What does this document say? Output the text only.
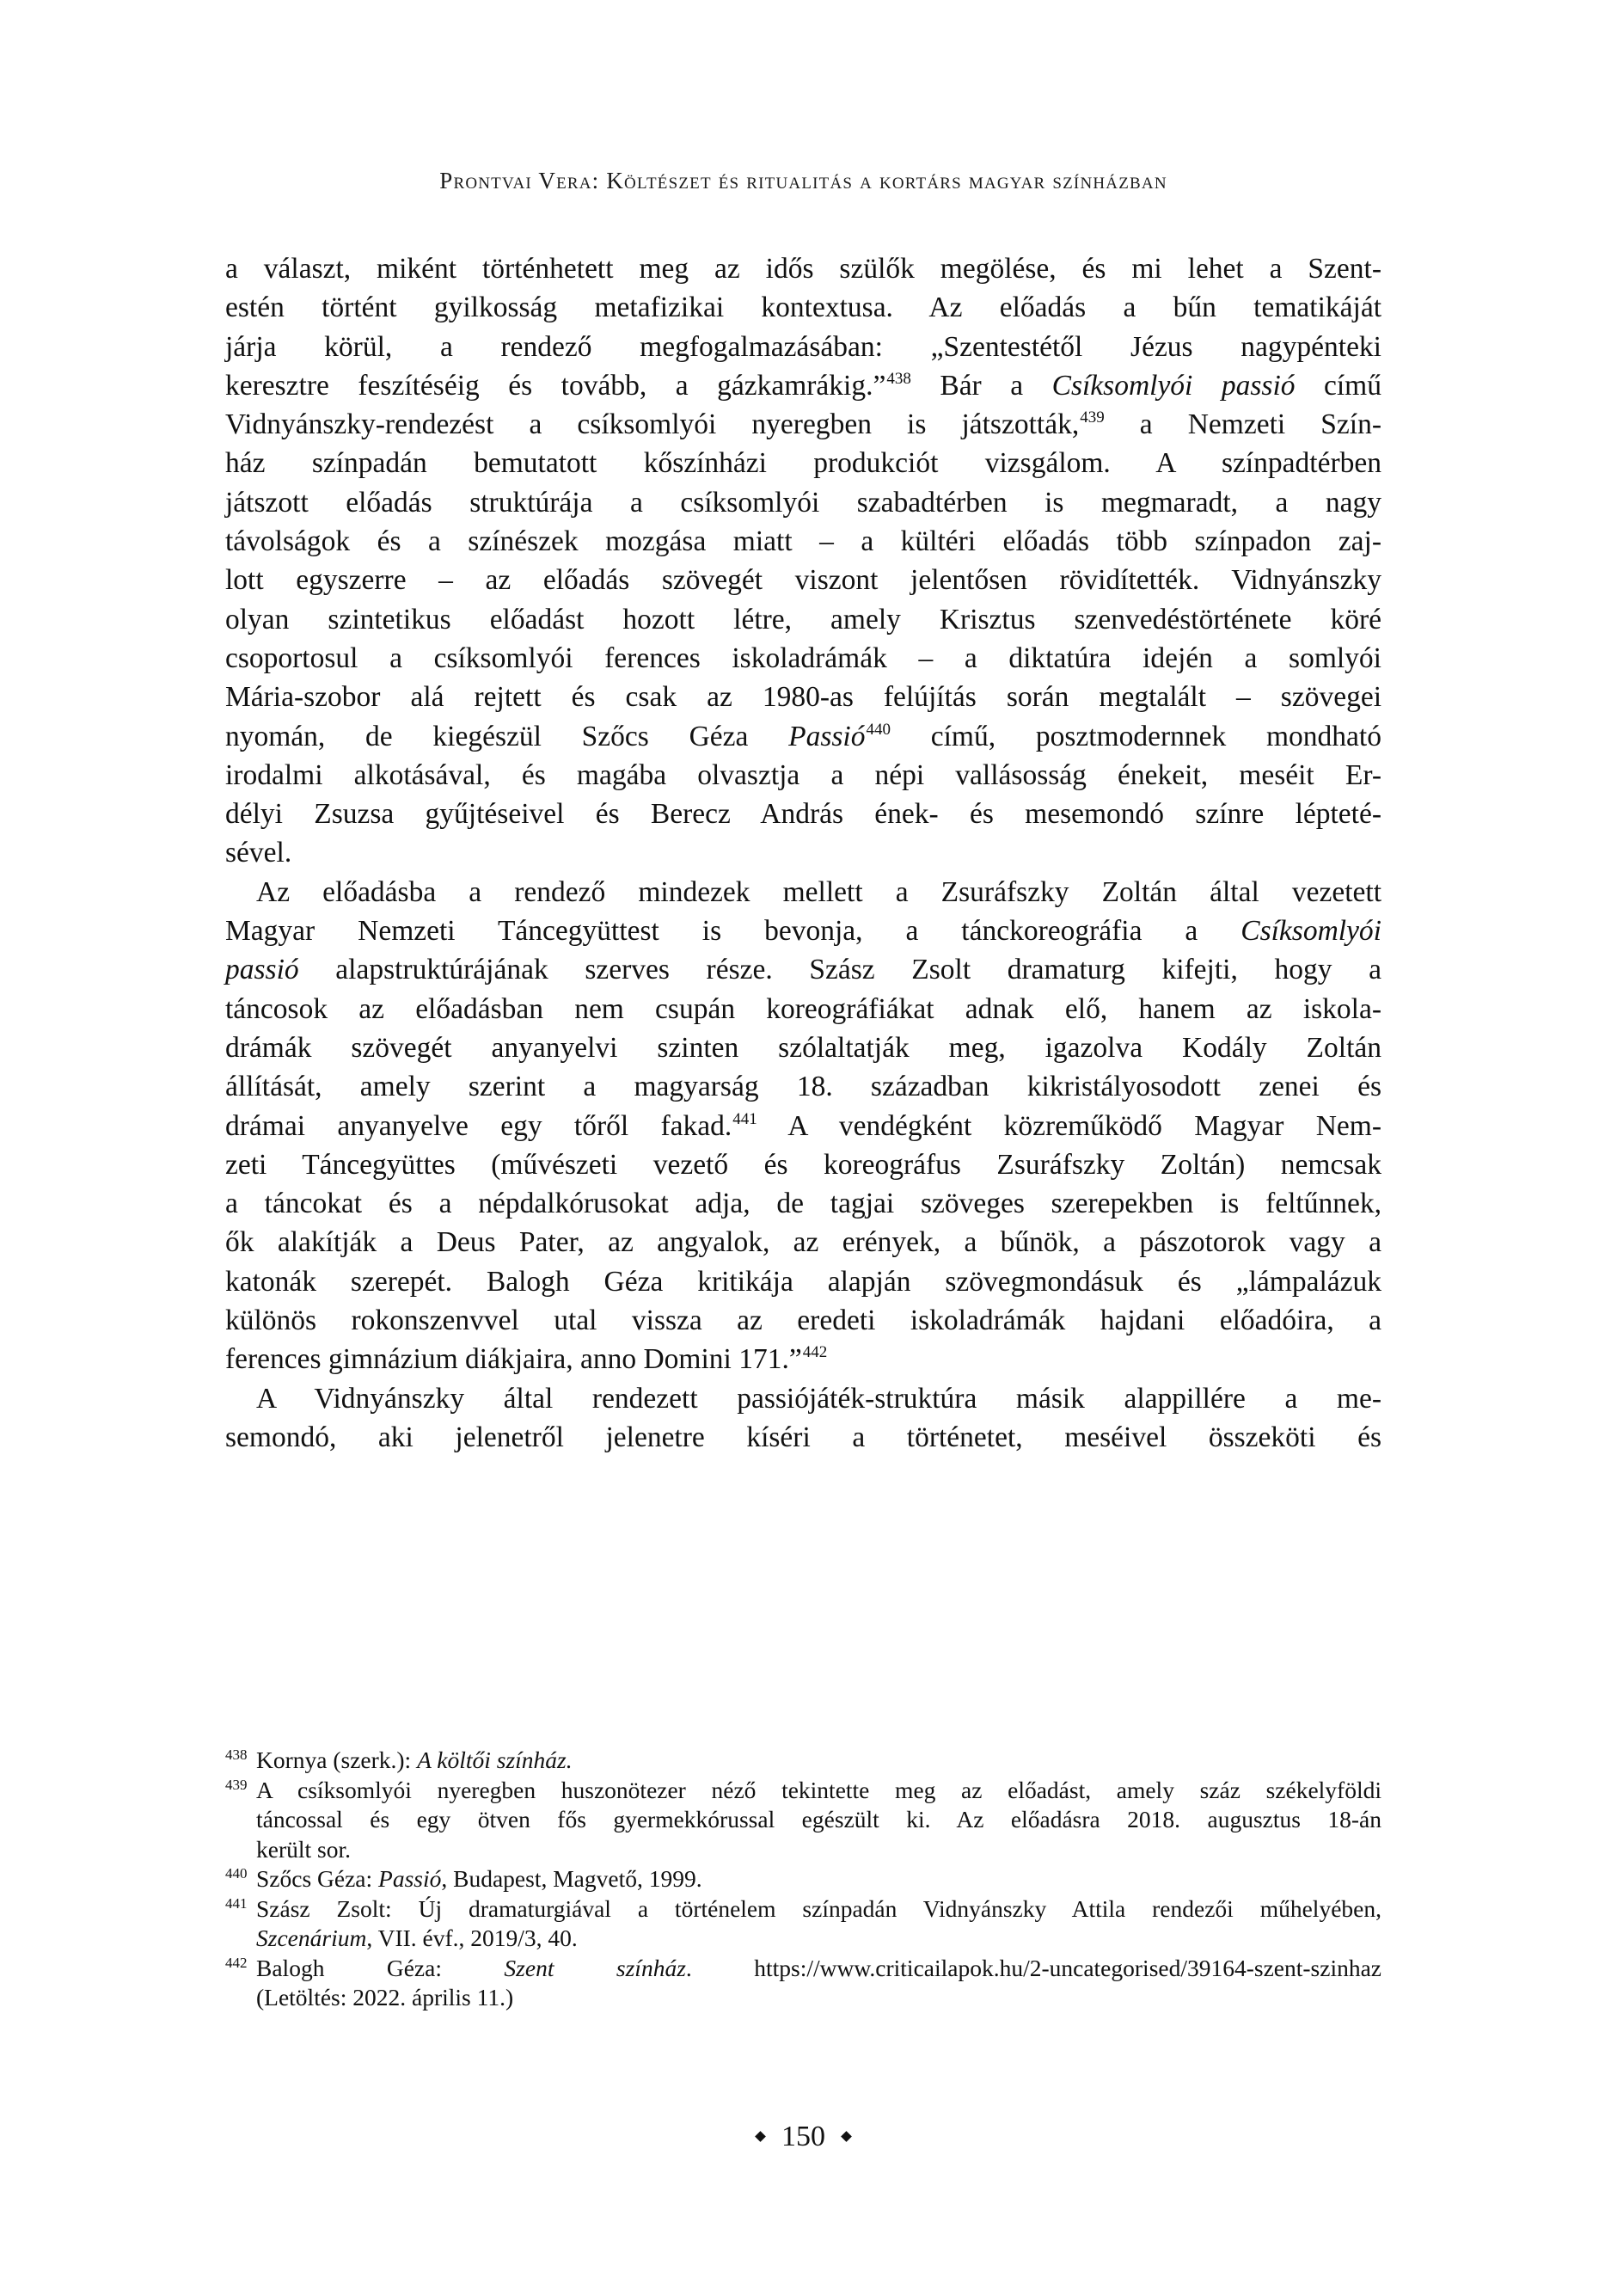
Prontvai Vera: Költészet és ritualitás a kortárs magyar színházban

a választ, miként történhetett meg az idős szülők megölése, és mi lehet a Szent-
estén történt gyilkosság metafizikai kontextusa. Az előadás a bűn tematikáját
járja körül, a rendező megfogalmazásában: „Szentestétől Jézus nagypénteki
keresztre feszítéséig és tovább, a gázkamrákig.”$^{438}$ Bár a Csíksomlyói passió című
Vidnyánszky-rendezést a csíksomlyói nyeregben is játszották,$^{439}$ a Nemzeti Szín-
ház színpadán bemutatott kőszínházi produkciót vizsgálom. A színpadtérben
játszott előadás struktúrája a csíksomlyói szabadtérben is megmaradt, a nagy
távolságok és a színészek mozgása miatt – a kültéri előadás több színpadon zaj-
lott egyszerre – az előadás szövegét viszont jelentősen rövidítették. Vidnyánszky
olyan szintetikus előadást hozott létre, amely Krisztus szenvedéstörténete köré
csoportosul a csíksomlyói ferences iskoladrámák – a diktatúra idején a somlyói
Mária-szobor alá rejtett és csak az 1980-as felújítás során megtalált – szövegei
nyomán, de kiegészül Szőcs Géza Passió$^{440}$ című, posztmodernnek mondható
irodalmi alkotásával, és magába olvasztja a népi vallásosság énekeit, meséit Er-
délyi Zsuzsa gyűjtéseivel és Berecz András ének- és mesemondó színre lépteté-
sével.

Az előadásba a rendező mindezek mellett a Zsuráfszky Zoltán által vezetett
Magyar Nemzeti Táncegyüttest is bevonja, a tánckoreográfia a Csíksomlyói
passió alapstruktúrájának szerves része. Szász Zsolt dramaturg kifejti, hogy a
táncosok az előadásban nem csupán koreográfiákat adnak elő, hanem az iskola-
drámák szövegét anyanyelvi szinten szólaltatják meg, igazolva Kodály Zoltán
állítását, amely szerint a magyarság 18. században kikristályosodott zenei és
drámai anyanyelve egy tőről fakad.$^{441}$ A vendégként közreműködő Magyar Nem-
zeti Táncegyüttes (művészeti vezető és koreográfus Zsuráfszky Zoltán) nemcsak
a táncokat és a népdalkórusokat adja, de tagjai szöveges szerepekben is feltűnnek,
ők alakítják a Deus Pater, az angyalok, az erények, a bűnök, a pászotorok vagy a
katonák szerepét. Balogh Géza kritikája alapján szövegmondásuk és „lámpalázuk
különös rokonszenvvel utal vissza az eredeti iskoladrámák hajdani előadóira, a
ferences gimnázium diákjaira, anno Domini 171.”$^{442}$

A Vidnyánszky által rendezett passiójáték-struktúra másik alappillére a me-
semondó, aki jelenetről jelenetre kíséri a történetet, meséivel összeköti és

438 Kornya (szerk.): A költői színház.
439 A csíksomlyói nyeregben huszonötezer néző tekintette meg az előadást, amely száz székelyföldi
táncossal és egy ötven fős gyermekkórussal egészült ki. Az előadásra 2018. augusztus 18-án
került sor.
440 Szőcs Géza: Passió, Budapest, Magvető, 1999.
441 Szász Zsolt: Új dramaturgiával a történelem színpadán Vidnyánszky Attila rendezői műhelyében,
Szcenárium, VII. évf., 2019/3, 40.
442 Balogh Géza: Szent színház. https://www.criticailapok.hu/2-uncategorised/39164-szent-szinhaz
(Letöltés: 2022. április 11.)
150
